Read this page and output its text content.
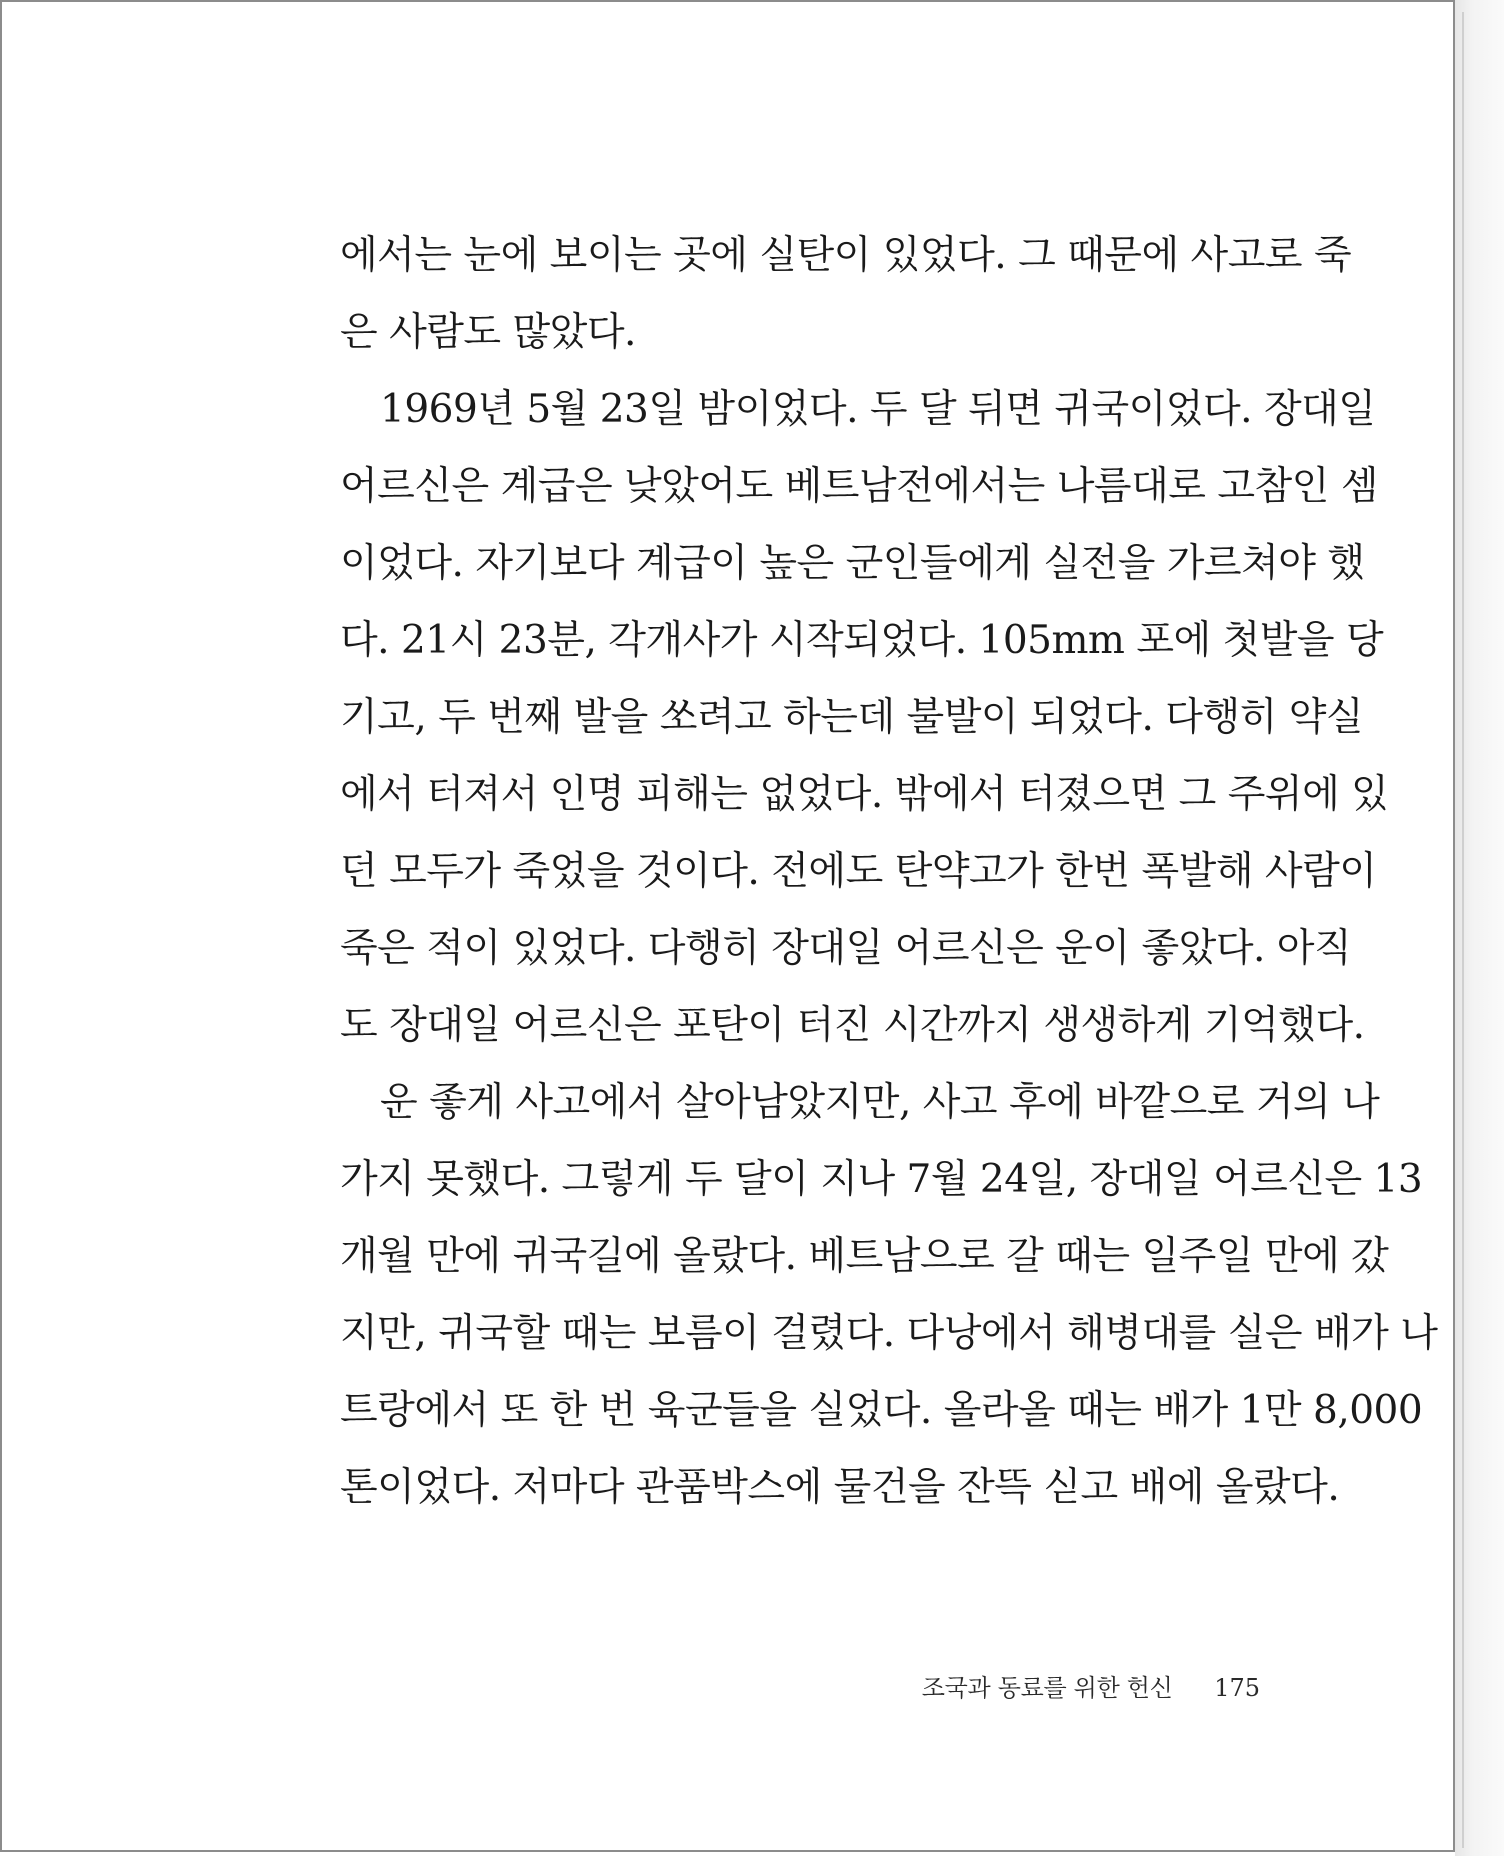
에서는 눈에 보이는 곳에 실탄이 있었다. 그 때문에 사고로 죽
은 사람도 많았다.
1969년 5월 23일 밤이었다. 두 달 뒤면 귀국이었다. 장대일
어르신은 계급은 낮았어도 베트남전에서는 나름대로 고참인 셈
이었다. 자기보다 계급이 높은 군인들에게 실전을 가르쳐야 했
다. 21시 23분, 각개사가 시작되었다. 105mm 포에 첫발을 당
기고, 두 번째 발을 쏘려고 하는데 불발이 되었다. 다행히 약실
에서 터져서 인명 피해는 없었다. 밖에서 터졌으면 그 주위에 있
던 모두가 죽었을 것이다. 전에도 탄약고가 한번 폭발해 사람이
죽은 적이 있었다. 다행히 장대일 어르신은 운이 좋았다. 아직
도 장대일 어르신은 포탄이 터진 시간까지 생생하게 기억했다.
운 좋게 사고에서 살아남았지만, 사고 후에 바깥으로 거의 나
가지 못했다. 그렇게 두 달이 지나 7월 24일, 장대일 어르신은 13
개월 만에 귀국길에 올랐다. 베트남으로 갈 때는 일주일 만에 갔
지만, 귀국할 때는 보름이 걸렸다. 다낭에서 해병대를 실은 배가 나
트랑에서 또 한 번 육군들을 실었다. 올라올 때는 배가 1만 8,000
톤이었다. 저마다 관품박스에 물건을 잔뜩 싣고 배에 올랐다.
조국과 동료를 위한 헌신 175
